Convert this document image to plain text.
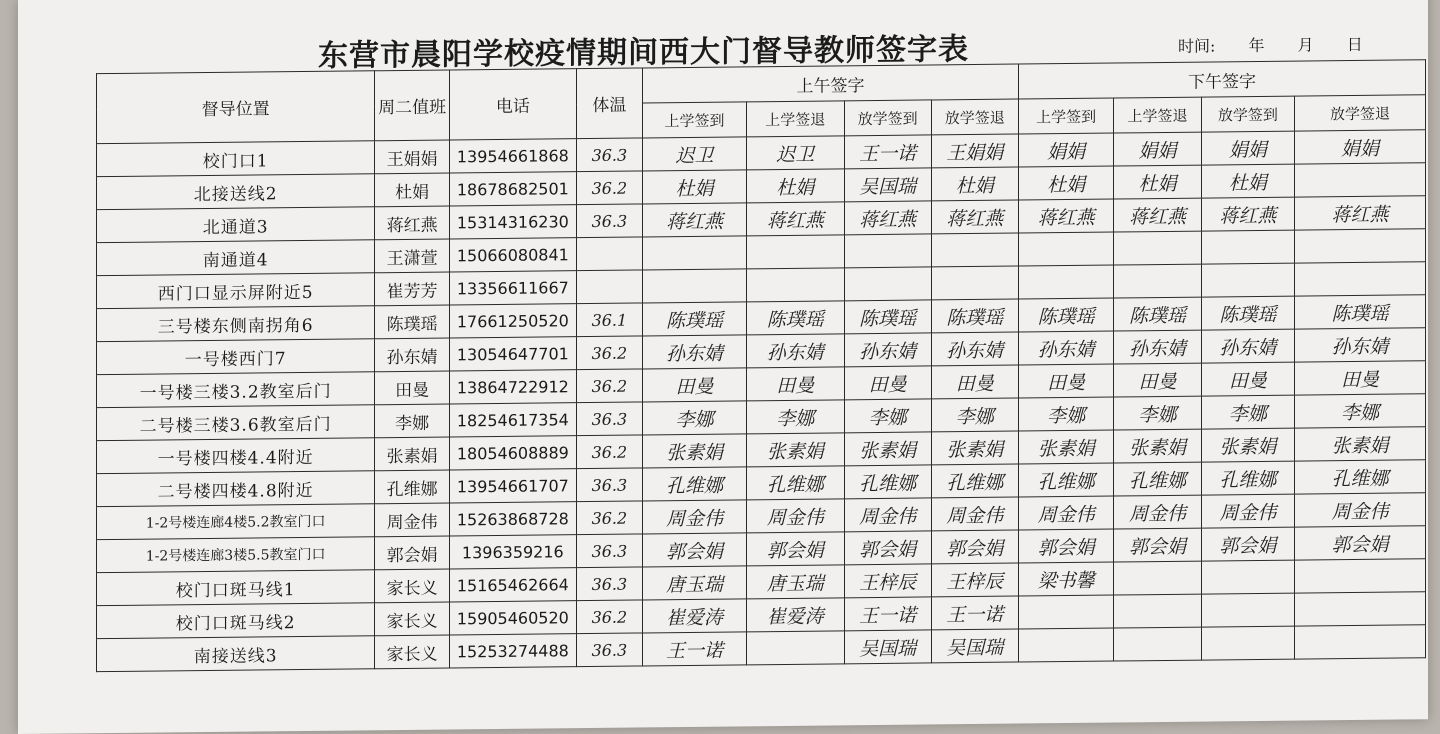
东营市晨阳学校疫情期间西大门督导教师签字表	时间: 年 月 日
督导位置	周二值班	电话	体温	上午签字				下午签字			
				上学签到	上学签退	放学签到	放学签退	上学签到	上学签退	放学签到	放学签退
校门口1	王娟娟	13954661868	36.3	迟卫	迟卫	王一诺	王娟娟	娟娟	娟娟	娟娟	娟娟
北接送线2	杜娟	18678682501	36.2	杜娟	杜娟	吴国瑞	杜娟	杜娟	杜娟	杜娟	
北通道3	蒋红燕	15314316230	36.3	蒋红燕	蒋红燕	蒋红燕	蒋红燕	蒋红燕	蒋红燕	蒋红燕	蒋红燕
南通道4	王潇萱	15066080841									
西门口显示屏附近5	崔芳芳	13356611667									
三号楼东侧南拐角6	陈璞瑶	17661250520	36.1	陈璞瑶	陈璞瑶	陈璞瑶	陈璞瑶	陈璞瑶	陈璞瑶	陈璞瑶	陈璞瑶
一号楼西门7	孙东婧	13054647701	36.2	孙东婧	孙东婧	孙东婧	孙东婧	孙东婧	孙东婧	孙东婧	孙东婧
一号楼三楼3.2教室后门	田曼	13864722912	36.2	田曼	田曼	田曼	田曼	田曼	田曼	田曼	田曼
二号楼三楼3.6教室后门	李娜	18254617354	36.3	李娜	李娜	李娜	李娜	李娜	李娜	李娜	李娜
一号楼四楼4.4附近	张素娟	18054608889	36.2	张素娟	张素娟	张素娟	张素娟	张素娟	张素娟	张素娟	张素娟
二号楼四楼4.8附近	孔维娜	13954661707	36.3	孔维娜	孔维娜	孔维娜	孔维娜	孔维娜	孔维娜	孔维娜	孔维娜
1-2号楼连廊4楼5.2教室门口	周金伟	15263868728	36.2	周金伟	周金伟	周金伟	周金伟	周金伟	周金伟	周金伟	周金伟
1-2号楼连廊3楼5.5教室门口	郭会娟	1396359216	36.3	郭会娟	郭会娟	郭会娟	郭会娟	郭会娟	郭会娟	郭会娟	郭会娟
校门口斑马线1	家长义	15165462664	36.3	唐玉瑞	唐玉瑞	王梓辰	王梓辰	梁书馨			
校门口斑马线2	家长义	15905460520	36.2	崔爱涛	崔爱涛	王一诺	王一诺				
南接送线3	家长义	15253274488	36.3	王一诺		吴国瑞	吴国瑞				
